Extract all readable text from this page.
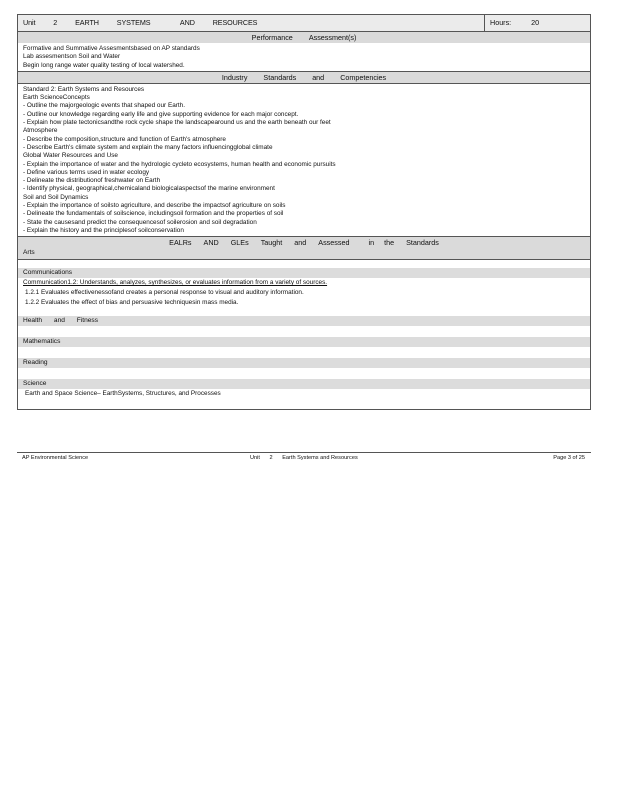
Unit 2 EARTH SYSTEMS	AND RESOURCES	Hours:	20
Performance Assessment(s)
Formative and Summative Assesmentsbased on AP standards
Lab assesmentson Soil and Water
Begin long range water quality testing of local watershed.
Industry Standards and Competencies
Standard 2: Earth Systems and Resources
Earth ScienceConcepts
- Outline the majorgeologic events that shaped our Earth.
- Outline our knowledge regarding early life and give supporting evidence for each major concept.
- Explain how plate tectonicsandthe rock cycle shape the landscapearound us and the earth beneath our feet
Atmosphere
- Describe the composition,structure and function of Earth's atmosphere
- Describe Earth's climate system and explain the many factors influencingglobal climate
Global Water Resources and Use
- Explain the importance of water and the hydrologic cycleto ecosystems, human health and economic pursuits
- Define various terms used in water ecology
- Delineate the distributionof freshwater on Earth
- Identify physical, geographical,chemicaland biologicalaspectsof the marine environment
Soil and Soil Dynamics
- Explain the importance of soilsto agriculture, and describe the impactsof agriculture on soils
- Delineate the fundamentals of soilscience, includingsoil formation and the properties of soil
- State the causesand predict the consequencesof soilerosion and soil degradation
- Explain the history and the principlesof soilconservation
EALRs AND GLEs Taught and Assessed	in the Standards
Arts
Communications
Communication1.2: Understands, analyzes, synthesizes, or evaluates information from a variety of sources.
1.2.1 Evaluates effectivenessofand creates a personal response to visual and auditory information.
1.2.2 Evaluates the effect of bias and persuasive techniquesin mass media.
Health and Fitness
Mathematics
Reading
Science
Earth and Space Science– EarthSystems, Structures, and Processes
AP Environmental Science	Unit 2 Earth Systems and Resources	Page 3 of 25
